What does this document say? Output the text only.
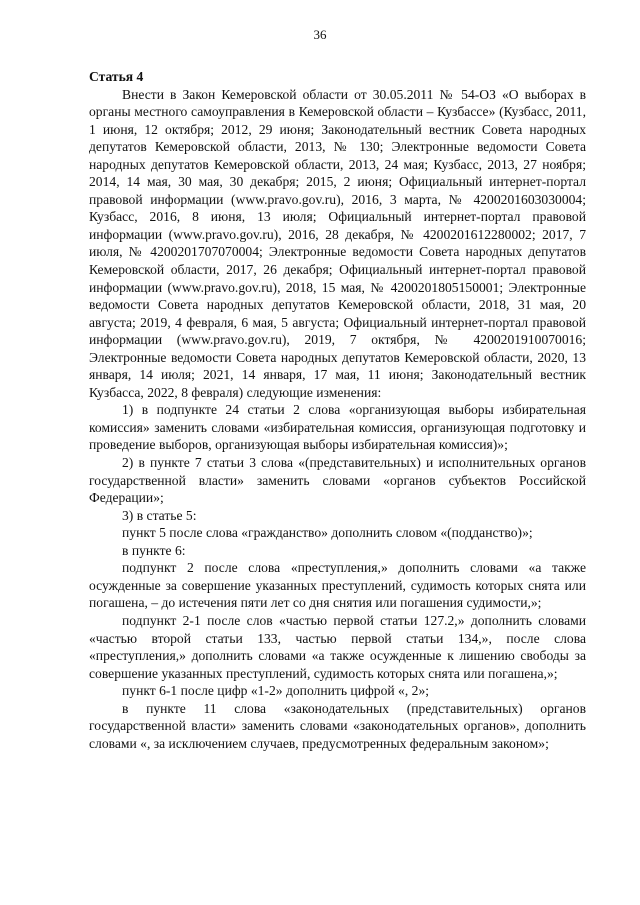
36

Статья 4

Внести в Закон Кемеровской области от 30.05.2011 № 54-ОЗ «О выборах в органы местного самоуправления в Кемеровской области – Кузбассе» (Кузбасс, 2011, 1 июня, 12 октября; 2012, 29 июня; Законодательный вестник Совета народных депутатов Кемеровской области, 2013, № 130; Электронные ведомости Совета народных депутатов Кемеровской области, 2013, 24 мая; Кузбасс, 2013, 27 ноября; 2014, 14 мая, 30 мая, 30 декабря; 2015, 2 июня; Официальный интернет-портал правовой информации (www.pravo.gov.ru), 2016, 3 марта, № 4200201603030004; Кузбасс, 2016, 8 июня, 13 июля; Официальный интернет-портал правовой информации (www.pravo.gov.ru), 2016, 28 декабря, № 4200201612280002; 2017, 7 июля, № 4200201707070004; Электронные ведомости Совета народных депутатов Кемеровской области, 2017, 26 декабря; Официальный интернет-портал правовой информации (www.pravo.gov.ru), 2018, 15 мая, № 4200201805150001; Электронные ведомости Совета народных депутатов Кемеровской области, 2018, 31 мая, 20 августа; 2019, 4 февраля, 6 мая, 5 августа; Официальный интернет-портал правовой информации (www.pravo.gov.ru), 2019, 7 октября, № 4200201910070016; Электронные ведомости Совета народных депутатов Кемеровской области, 2020, 13 января, 14 июля; 2021, 14 января, 17 мая, 11 июня; Законодательный вестник Кузбасса, 2022, 8 февраля) следующие изменения:

1) в подпункте 24 статьи 2 слова «организующая выборы избирательная комиссия» заменить словами «избирательная комиссия, организующая подготовку и проведение выборов, организующая выборы избирательная комиссия)»;

2) в пункте 7 статьи 3 слова «(представительных) и исполнительных органов государственной власти» заменить словами «органов субъектов Российской Федерации»;

3) в статье 5:

пункт 5 после слова «гражданство» дополнить словом «(подданство)»;

в пункте 6:

подпункт 2 после слова «преступления,» дополнить словами «а также осужденные за совершение указанных преступлений, судимость которых снята или погашена, – до истечения пяти лет со дня снятия или погашения судимости,»;

подпункт 2-1 после слов «частью первой статьи 127.2,» дополнить словами «частью второй статьи 133, частью первой статьи 134,», после слова «преступления,» дополнить словами «а также осужденные к лишению свободы за совершение указанных преступлений, судимость которых снята или погашена,»;

пункт 6-1 после цифр «1-2» дополнить цифрой «, 2»;

в пункте 11 слова «законодательных (представительных) органов государственной власти» заменить словами «законодательных органов», дополнить словами «, за исключением случаев, предусмотренных федеральным законом»;
